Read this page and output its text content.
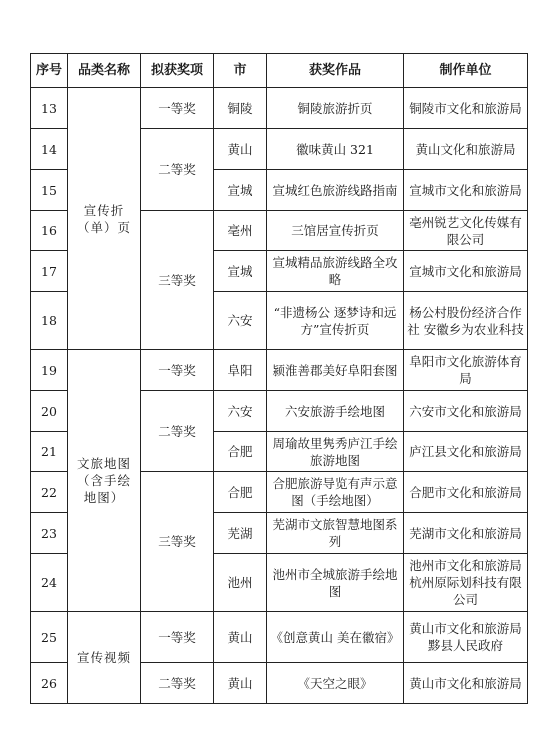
序号	品类名称	拟获奖项	市	获奖作品	制作单位
13	宣传折（单）页	一等奖	铜陵	铜陵旅游折页	铜陵市文化和旅游局
14		二等奖	黄山	徽味黄山 321	黄山文化和旅游局
15			宣城	宣城红色旅游线路指南	宣城市文化和旅游局
16		三等奖	亳州	三馆居宣传折页	亳州锐艺文化传媒有限公司
17			宣城	宣城精品旅游线路全攻略	宣城市文化和旅游局
18			六安	“非遗杨公 逐梦诗和远方”宣传折页	杨公村股份经济合作社 安徽乡为农业科技
19	文旅地图（含手绘地图）	一等奖	阜阳	颍淮善郡美好阜阳套图	阜阳市文化旅游体育局
20		二等奖	六安	六安旅游手绘地图	六安市文化和旅游局
21			合肥	周瑜故里隽秀庐江手绘旅游地图	庐江县文化和旅游局
22		三等奖	合肥	合肥旅游导览有声示意图（手绘地图）	合肥市文化和旅游局
23			芜湖	芜湖市文旅智慧地图系列	芜湖市文化和旅游局
24			池州	池州市全城旅游手绘地图	池州市文化和旅游局 杭州原际划科技有限公司
25	宣传视频	一等奖	黄山	《创意黄山 美在徽宿》	黄山市文化和旅游局 黟县人民政府
26		二等奖	黄山	《天空之眼》	黄山市文化和旅游局
